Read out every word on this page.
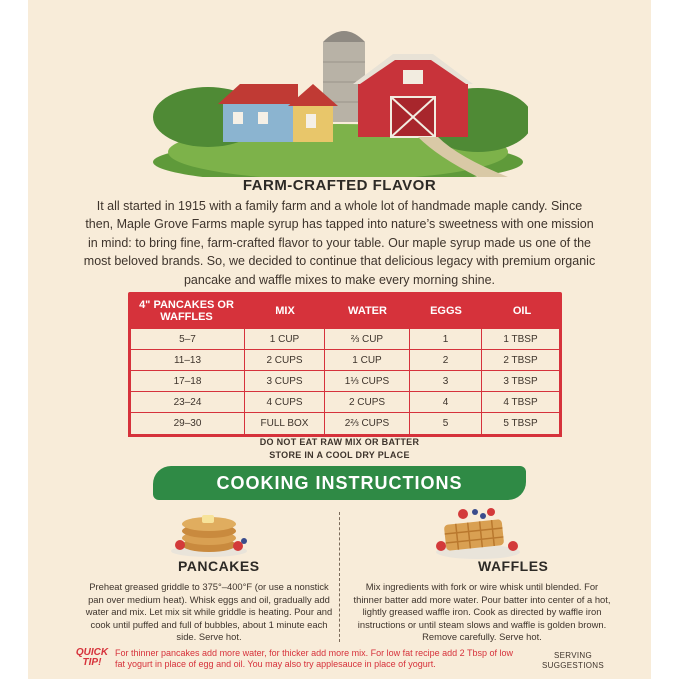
FARM-CRAFTED FLAVOR

It all started in 1915 with a family farm and a whole lot of handmade maple candy. Since then, Maple Grove Farms maple syrup has tapped into nature’s sweetness with one mission in mind: to bring fine, farm-crafted flavor to your table. Our maple syrup made us one of the most beloved brands. So, we decided to continue that delicious legacy with premium organic pancake and waffle mixes to make every morning shine.

4" PANCAKES OR WAFFLES	MIX	WATER	EGGS	OIL
5–7	1 CUP	⅔ CUP	1	1 TBSP
11–13	2 CUPS	1 CUP	2	2 TBSP
17–18	3 CUPS	1⅓ CUPS	3	3 TBSP
23–24	4 CUPS	2 CUPS	4	4 TBSP
29–30	FULL BOX	2⅔ CUPS	5	5 TBSP
DO NOT EAT RAW MIX OR BATTER
STORE IN A COOL DRY PLACE
COOKING INSTRUCTIONS
PANCAKES	WAFFLES

Preheat greased griddle to 375°–400°F (or use a nonstick pan over medium heat). Whisk eggs and oil, gradually add water and mix. Let mix sit while griddle is heating. Pour and cook until puffed and full of bubbles, about 1 minute each side. Serve hot.

Mix ingredients with fork or wire whisk until blended. For thinner batter add more water. Pour batter into center of a hot, lightly greased waffle iron. Cook as directed by waffle iron instructions or until steam slows and waffle is golden brown. Remove carefully. Serve hot.

QUICK TIP!
For thinner pancakes add more water, for thicker add more mix. For low fat recipe add 2 Tbsp of low fat yogurt in place of egg and oil. You may also try applesauce in place of yogurt.
SERVING SUGGESTIONS
